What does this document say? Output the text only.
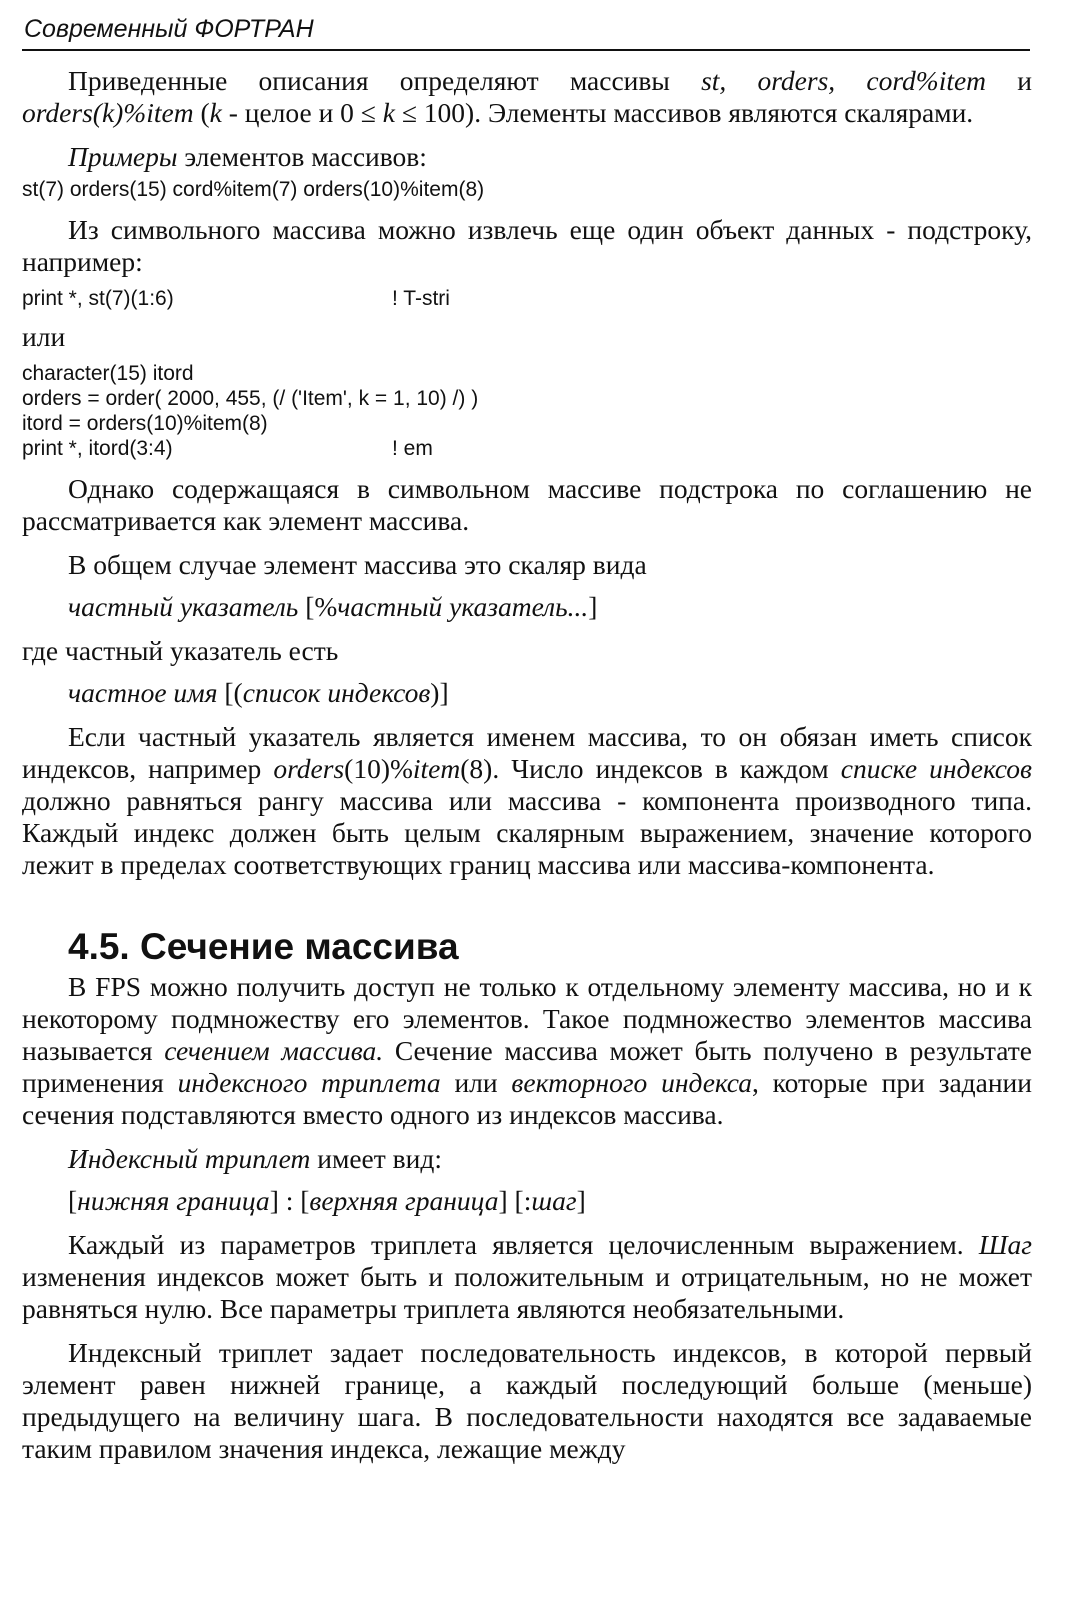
Современный ФОРТРАН

Приведенные описания определяют массивы st, orders, cord%item и orders(k)%item (k - целое и 0 ≤ k ≤ 100). Элементы массивов являются скалярами.

Примеры элементов массивов:

st(7) orders(15) cord%item(7) orders(10)%item(8)

Из символьного массива можно извлечь еще один объект данных - подстроку, например:

print *, st(7)(1:6)	! T-stri

или

character(15) itord
orders = order( 2000, 455, (/ ('Item', k = 1, 10) /) )
itord = orders(10)%item(8)
print *, itord(3:4)	! em

Однако содержащаяся в символьном массиве подстрока по соглашению не рассматривается как элемент массива.

В общем случае элемент массива это скаляр вида

частный указатель [%частный указатель...]

где частный указатель есть

частное имя [(список индексов)]

Если частный указатель является именем массива, то он обязан иметь список индексов, например orders(10)%item(8). Число индексов в каждом списке индексов должно равняться рангу массива или массива - компонента производного типа. Каждый индекс должен быть целым скалярным выражением, значение которого лежит в пределах соответствующих границ массива или массива-компонента.

4.5. Сечение массива

В FPS можно получить доступ не только к отдельному элементу массива, но и к некоторому подмножеству его элементов. Такое подмножество элементов массива называется сечением массива. Сечение массива может быть получено в результате применения индексного триплета или векторного индекса, которые при задании сечения подставляются вместо одного из индексов массива.

Индексный триплет имеет вид:

[нижняя граница] : [верхняя граница] [:шаг]

Каждый из параметров триплета является целочисленным выражением. Шаг изменения индексов может быть и положительным и отрицательным, но не может равняться нулю. Все параметры триплета являются необязательными.

Индексный триплет задает последовательность индексов, в которой первый элемент равен нижней границе, а каждый последующий больше (меньше) предыдущего на величину шага. В последовательности находятся все задаваемые таким правилом значения индекса, лежащие между
